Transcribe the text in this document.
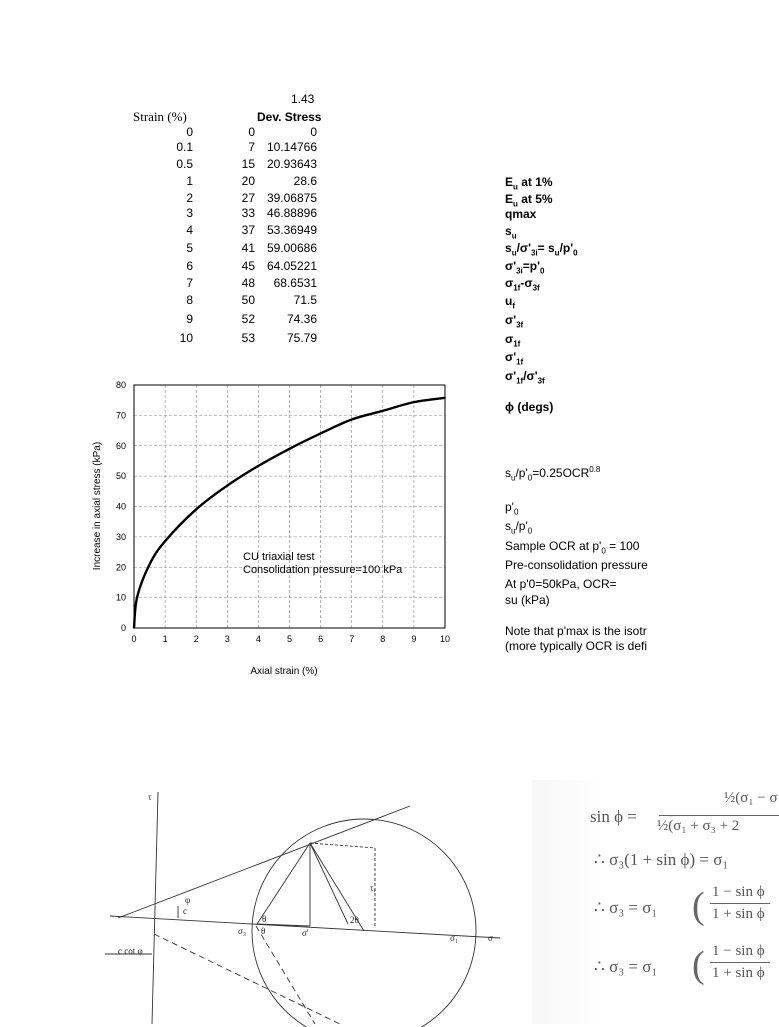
1.43
Strain (%)	Dev. Stress
0	0	0
0.1	7 10.14766
0.5	15 20.93643
1	20	28.6
2	27 39.06875
3	33 46.88896
4	37 53.36949
5	41 59.00686
6	45 64.05221
7	48	68.6531
8	50	71.5
9	52	74.36
10	53	75.79
$E_u$ at 1%
$E_u$ at 5%
qmax
$s_u$
$s_u/\sigma'_{3i}= s_u/p'_0$
$\sigma'_{3i}=p'_0$
$\sigma_{1f}-\sigma_{3f}$
$u_f$
$\sigma'_{3f}$
$\sigma_{1f}$
$\sigma'_{1f}$
$\sigma'_{1f}/\sigma'_{3f}$
ϕ (degs)
$s_u/p'_0=0.25OCR^{0.8}$
$p'_0$
$s_u/p'_0$
Sample OCR at $p'_0 = 100$
Pre-consolidation pressure
At p'0=50kPa, OCR=
su (kPa)
Note that p'max is the isotr
(more typically OCR is defi
0	1	2	3	4	5	6	7	8	9	10
0
10
20
30
40
50
60
70
80
CU triaxial test
Consolidation pressure=100 kPa
Axial strain (%)
Increase in axial stress (kPa)
τ
σ
σ₃
σ₁
σ'
2θ
c
c cot φ
θ
θ
φ
τᵣ
sin ϕ =
½(σ₁ − σ
½(σ₁ + σ₃ + 2
∴ σ₃(1 + sin ϕ) = σ₁
∴ σ₃ = σ₁ ( 1 − sin ϕ
1 + sin ϕ
∴ σ₃ = σ₁ ( 1 − sin ϕ
1 + sin ϕ
